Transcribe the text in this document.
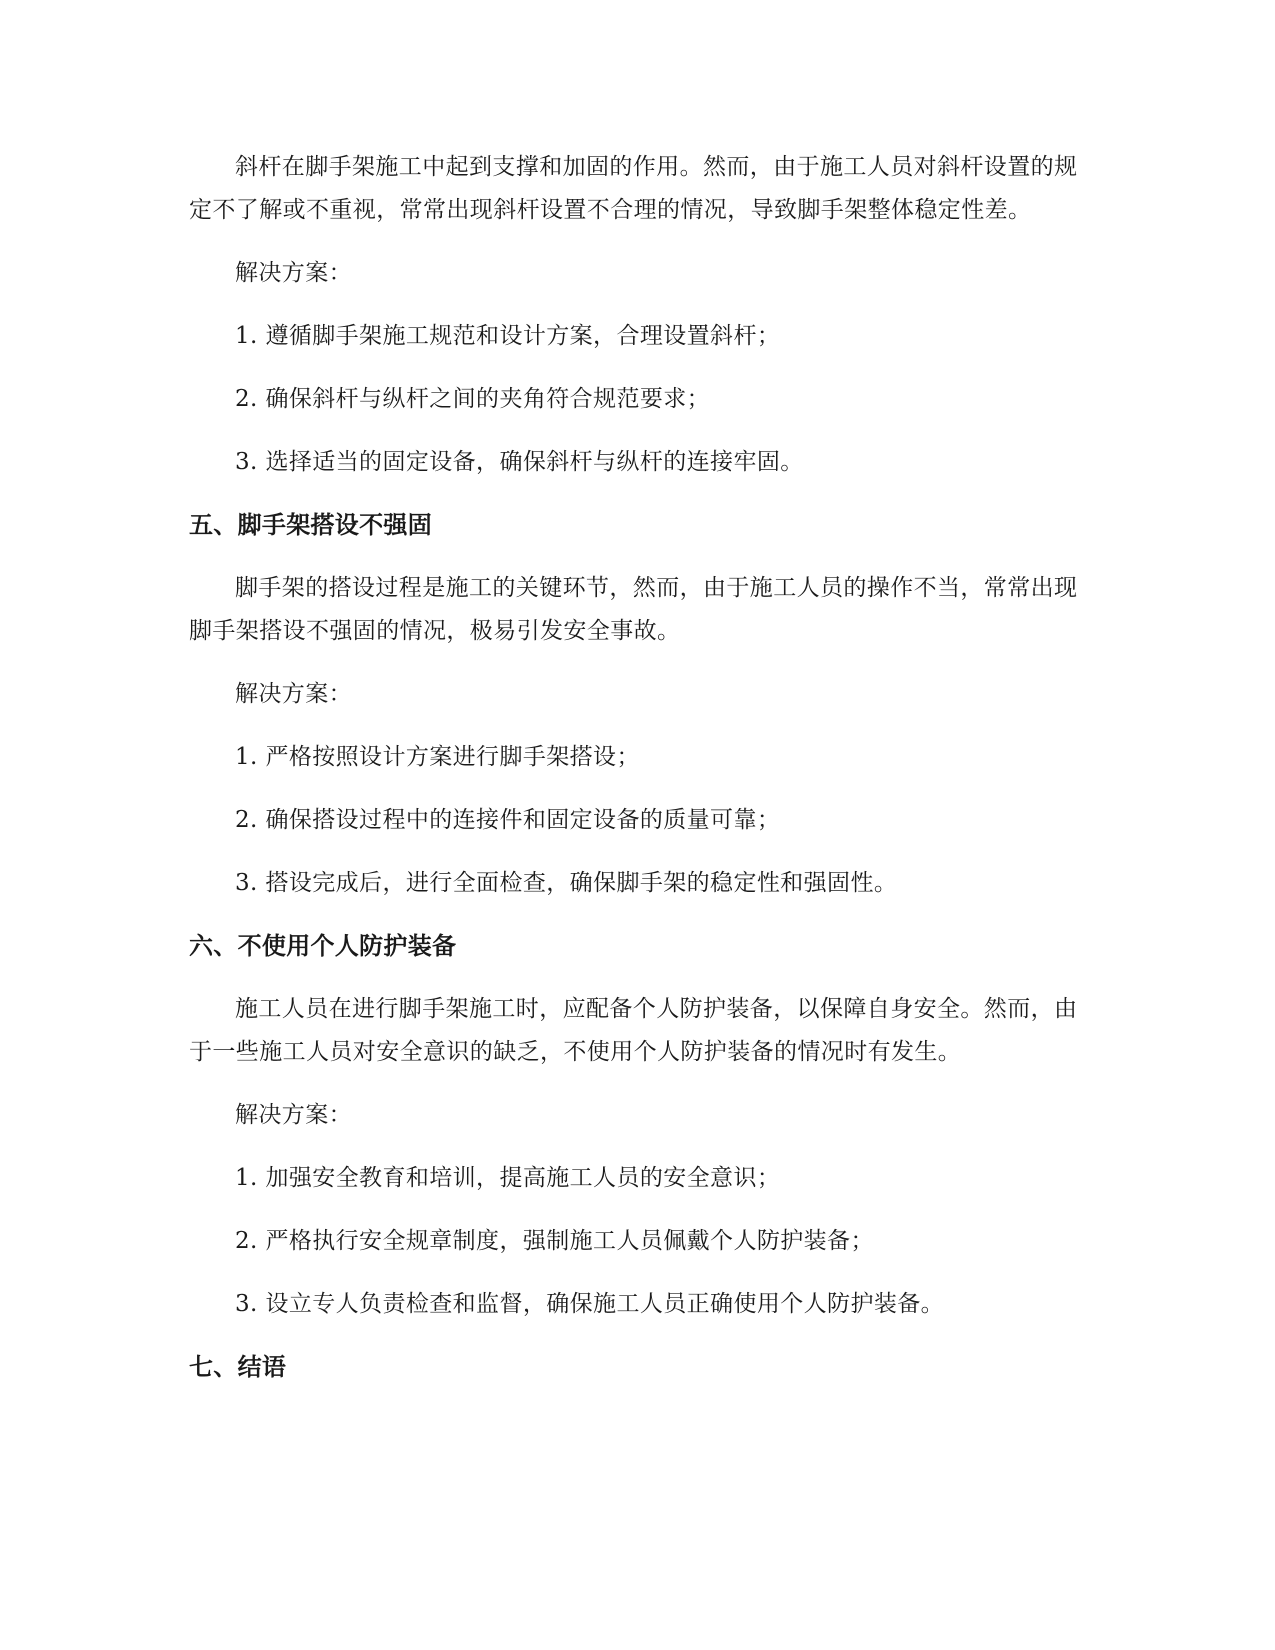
斜杆在脚手架施工中起到支撑和加固的作用。然而，由于施工人员对斜杆设置的规定不了解或不重视，常常出现斜杆设置不合理的情况，导致脚手架整体稳定性差。

解决方案：

1. 遵循脚手架施工规范和设计方案，合理设置斜杆；

2. 确保斜杆与纵杆之间的夹角符合规范要求；

3. 选择适当的固定设备，确保斜杆与纵杆的连接牢固。

五、脚手架搭设不强固

脚手架的搭设过程是施工的关键环节，然而，由于施工人员的操作不当，常常出现脚手架搭设不强固的情况，极易引发安全事故。

解决方案：

1. 严格按照设计方案进行脚手架搭设；

2. 确保搭设过程中的连接件和固定设备的质量可靠；

3. 搭设完成后，进行全面检查，确保脚手架的稳定性和强固性。

六、不使用个人防护装备

施工人员在进行脚手架施工时，应配备个人防护装备，以保障自身安全。然而，由于一些施工人员对安全意识的缺乏，不使用个人防护装备的情况时有发生。

解决方案：

1. 加强安全教育和培训，提高施工人员的安全意识；

2. 严格执行安全规章制度，强制施工人员佩戴个人防护装备；

3. 设立专人负责检查和监督，确保施工人员正确使用个人防护装备。

七、结语
